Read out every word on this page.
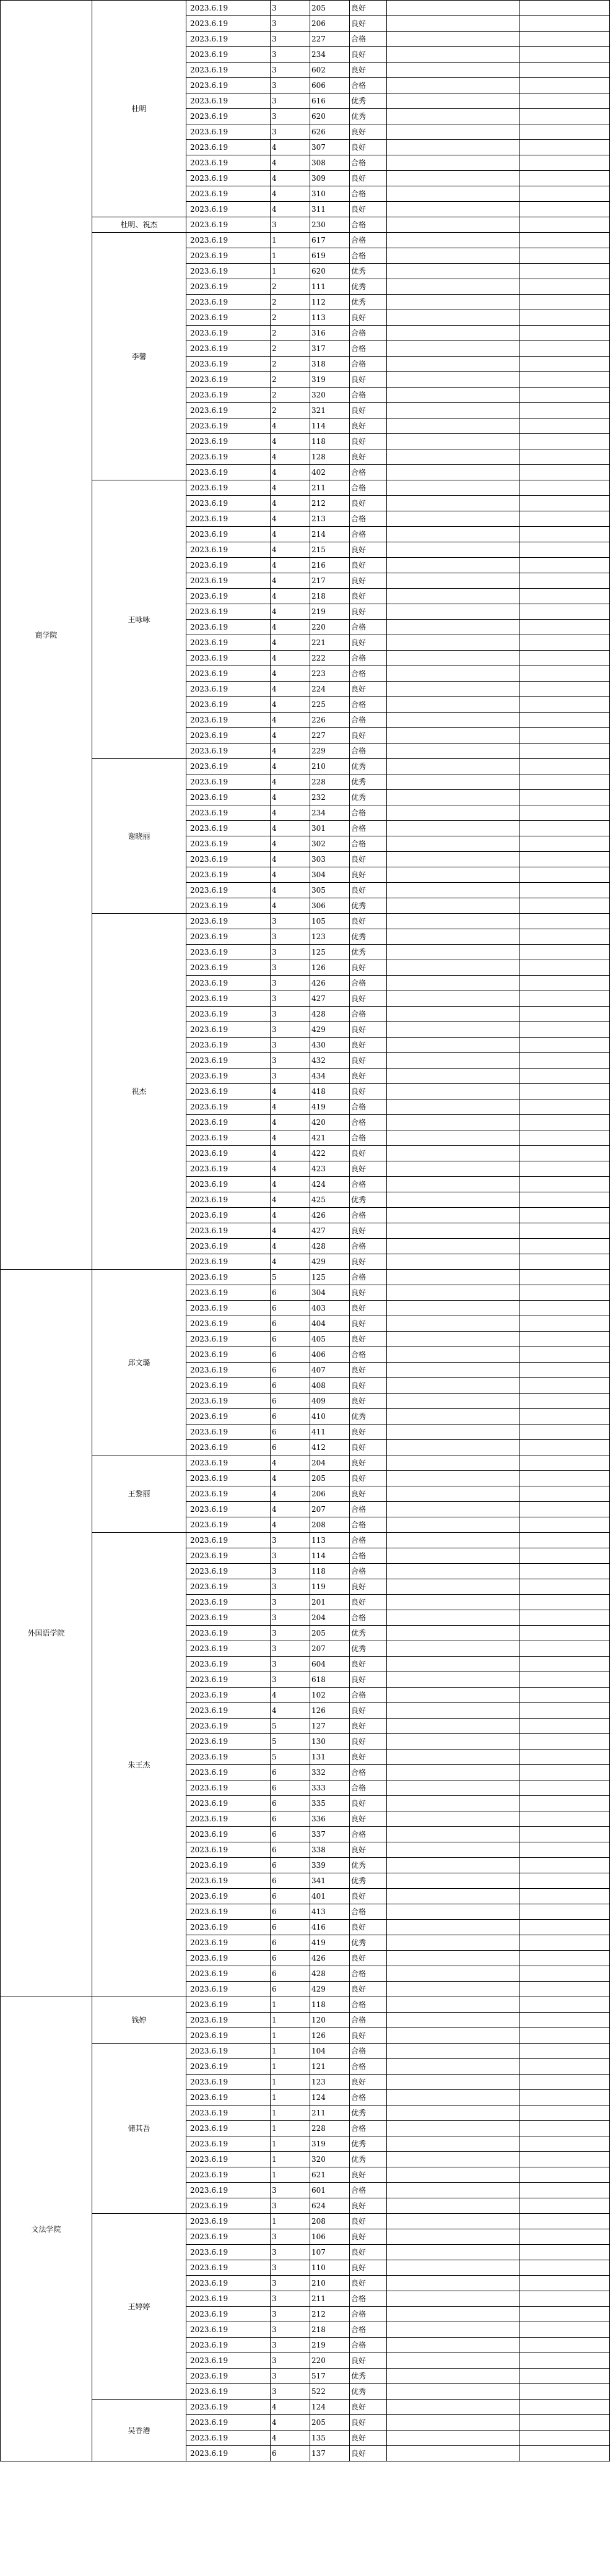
商学院	杜明	2023.6.19	3	205	良好		
		2023.6.19	3	206	良好		
		2023.6.19	3	227	合格		
		2023.6.19	3	234	良好		
		2023.6.19	3	602	良好		
		2023.6.19	3	606	合格		
		2023.6.19	3	616	优秀		
		2023.6.19	3	620	优秀		
		2023.6.19	3	626	良好		
		2023.6.19	4	307	良好		
		2023.6.19	4	308	合格		
		2023.6.19	4	309	良好		
		2023.6.19	4	310	合格		
		2023.6.19	4	311	良好		
	杜明、祝杰	2023.6.19	3	230	合格		
	李馨	2023.6.19	1	617	合格		
		2023.6.19	1	619	合格		
		2023.6.19	1	620	优秀		
		2023.6.19	2	111	优秀		
		2023.6.19	2	112	优秀		
		2023.6.19	2	113	良好		
		2023.6.19	2	316	合格		
		2023.6.19	2	317	合格		
		2023.6.19	2	318	合格		
		2023.6.19	2	319	良好		
		2023.6.19	2	320	合格		
		2023.6.19	2	321	良好		
		2023.6.19	4	114	良好		
		2023.6.19	4	118	良好		
		2023.6.19	4	128	良好		
		2023.6.19	4	402	合格		
	王咏咏	2023.6.19	4	211	合格		
		2023.6.19	4	212	良好		
		2023.6.19	4	213	合格		
		2023.6.19	4	214	合格		
		2023.6.19	4	215	良好		
		2023.6.19	4	216	良好		
		2023.6.19	4	217	良好		
		2023.6.19	4	218	良好		
		2023.6.19	4	219	良好		
		2023.6.19	4	220	合格		
		2023.6.19	4	221	良好		
		2023.6.19	4	222	合格		
		2023.6.19	4	223	合格		
		2023.6.19	4	224	良好		
		2023.6.19	4	225	合格		
		2023.6.19	4	226	合格		
		2023.6.19	4	227	良好		
		2023.6.19	4	229	合格		
	谢晓丽	2023.6.19	4	210	优秀		
		2023.6.19	4	228	优秀		
		2023.6.19	4	232	优秀		
		2023.6.19	4	234	合格		
		2023.6.19	4	301	合格		
		2023.6.19	4	302	合格		
		2023.6.19	4	303	良好		
		2023.6.19	4	304	良好		
		2023.6.19	4	305	良好		
		2023.6.19	4	306	优秀		
	祝杰	2023.6.19	3	105	良好		
		2023.6.19	3	123	优秀		
		2023.6.19	3	125	优秀		
		2023.6.19	3	126	良好		
		2023.6.19	3	426	合格		
		2023.6.19	3	427	良好		
		2023.6.19	3	428	合格		
		2023.6.19	3	429	良好		
		2023.6.19	3	430	良好		
		2023.6.19	3	432	良好		
		2023.6.19	3	434	良好		
		2023.6.19	4	418	良好		
		2023.6.19	4	419	合格		
		2023.6.19	4	420	合格		
		2023.6.19	4	421	合格		
		2023.6.19	4	422	良好		
		2023.6.19	4	423	良好		
		2023.6.19	4	424	合格		
		2023.6.19	4	425	优秀		
		2023.6.19	4	426	合格		
		2023.6.19	4	427	良好		
		2023.6.19	4	428	合格		
		2023.6.19	4	429	良好		
外国语学院	邱文璐	2023.6.19	5	125	合格		
		2023.6.19	6	304	良好		
		2023.6.19	6	403	良好		
		2023.6.19	6	404	良好		
		2023.6.19	6	405	良好		
		2023.6.19	6	406	合格		
		2023.6.19	6	407	良好		
		2023.6.19	6	408	良好		
		2023.6.19	6	409	良好		
		2023.6.19	6	410	优秀		
		2023.6.19	6	411	良好		
		2023.6.19	6	412	良好		
	王黎丽	2023.6.19	4	204	良好		
		2023.6.19	4	205	良好		
		2023.6.19	4	206	良好		
		2023.6.19	4	207	合格		
		2023.6.19	4	208	合格		
	朱王杰	2023.6.19	3	113	合格		
		2023.6.19	3	114	合格		
		2023.6.19	3	118	合格		
		2023.6.19	3	119	良好		
		2023.6.19	3	201	良好		
		2023.6.19	3	204	合格		
		2023.6.19	3	205	优秀		
		2023.6.19	3	207	优秀		
		2023.6.19	3	604	良好		
		2023.6.19	3	618	良好		
		2023.6.19	4	102	合格		
		2023.6.19	4	126	良好		
		2023.6.19	5	127	良好		
		2023.6.19	5	130	良好		
		2023.6.19	5	131	良好		
		2023.6.19	6	332	合格		
		2023.6.19	6	333	合格		
		2023.6.19	6	335	良好		
		2023.6.19	6	336	良好		
		2023.6.19	6	337	合格		
		2023.6.19	6	338	良好		
		2023.6.19	6	339	优秀		
		2023.6.19	6	341	优秀		
		2023.6.19	6	401	良好		
		2023.6.19	6	413	合格		
		2023.6.19	6	416	良好		
		2023.6.19	6	419	优秀		
		2023.6.19	6	426	良好		
		2023.6.19	6	428	合格		
		2023.6.19	6	429	良好		
文法学院	钱婷	2023.6.19	1	118	合格		
		2023.6.19	1	120	合格		
		2023.6.19	1	126	良好		
	储其吾	2023.6.19	1	104	合格		
		2023.6.19	1	121	合格		
		2023.6.19	1	123	良好		
		2023.6.19	1	124	合格		
		2023.6.19	1	211	优秀		
		2023.6.19	1	228	合格		
		2023.6.19	1	319	优秀		
		2023.6.19	1	320	优秀		
		2023.6.19	1	621	良好		
		2023.6.19	3	601	合格		
		2023.6.19	3	624	良好		
	王婷婷	2023.6.19	1	208	良好		
		2023.6.19	3	106	良好		
		2023.6.19	3	107	良好		
		2023.6.19	3	110	良好		
		2023.6.19	3	210	良好		
		2023.6.19	3	211	合格		
		2023.6.19	3	212	合格		
		2023.6.19	3	218	合格		
		2023.6.19	3	219	合格		
		2023.6.19	3	220	良好		
		2023.6.19	3	517	优秀		
		2023.6.19	3	522	优秀		
	吴香港	2023.6.19	4	124	良好		
		2023.6.19	4	205	良好		
		2023.6.19	4	135	良好		
		2023.6.19	6	137	良好		
